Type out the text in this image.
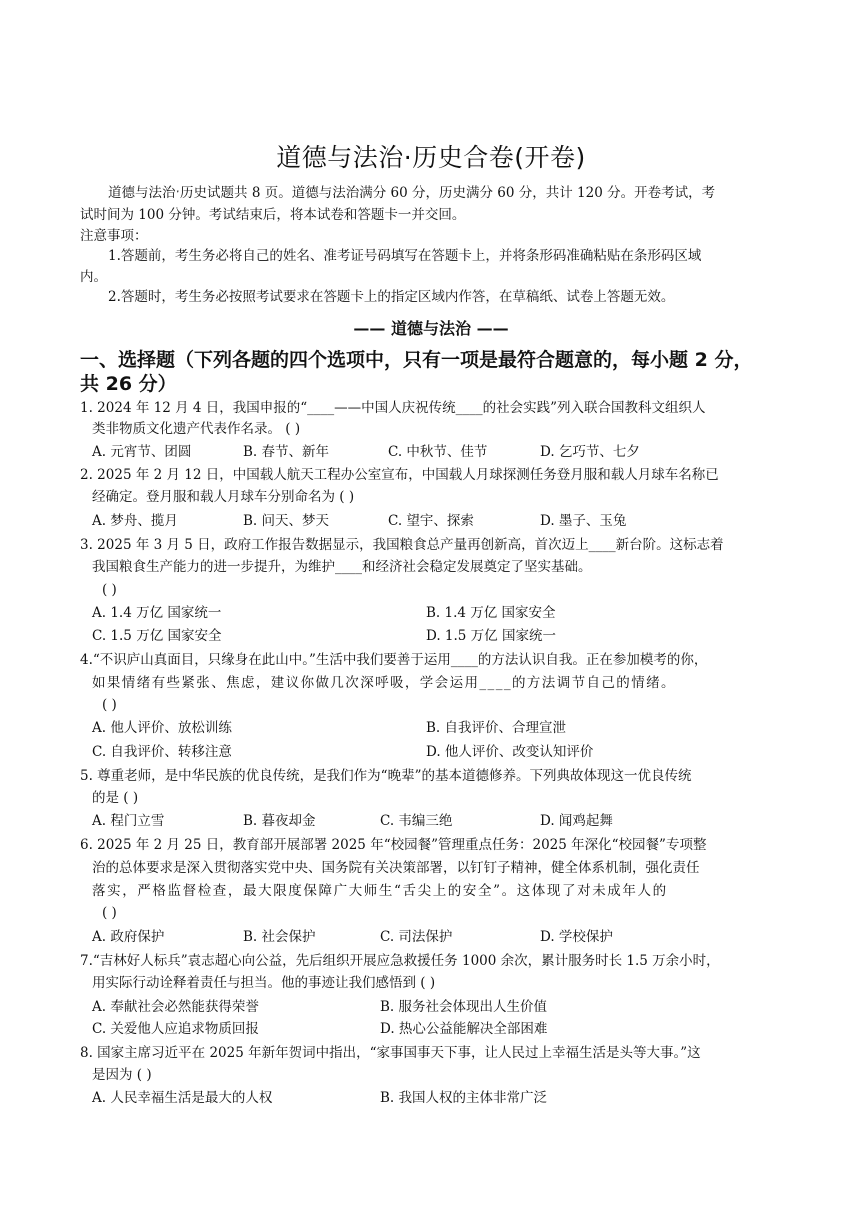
道德与法治·历史合卷(开卷)
道德与法治ˑ历史试题共 8 页。道德与法治满分 60 分，历史满分 60 分，共计 120 分。开卷考试，考
试时间为 100 分钟。考试结束后，将本试卷和答题卡一并交回。
注意事项：
1.答题前，考生务必将自己的姓名、准考证号码填写在答题卡上，并将条形码准确粘贴在条形码区域
内。
2.答题时，考生务必按照考试要求在答题卡上的指定区域内作答，在草稿纸、试卷上答题无效。
—— 道德与法治 ——
一、选择题（下列各题的四个选项中，只有一项是最符合题意的，每小题 2 分，
共 26 分）
1. 2024 年 12 月 4 日，我国申报的“____——中国人庆祝传统____的社会实践”列入联合国教科文组织人
类非物质文化遗产代表作名录。 ( )
A. 元宵节、团圆	B. 春节、新年	C. 中秋节、佳节	D. 乞巧节、七夕
2. 2025 年 2 月 12 日，中国载人航天工程办公室宣布，中国载人月球探测任务登月服和载人月球车名称已
经确定。登月服和载人月球车分别命名为 ( )
A. 梦舟、揽月	B. 问天、梦天	C. 望宇、探索	D. 墨子、玉兔
3. 2025 年 3 月 5 日，政府工作报告数据显示，我国粮食总产量再创新高，首次迈上____新台阶。这标志着
我国粮食生产能力的进一步提升，为维护____和经济社会稳定发展奠定了坚实基础。
( )
A. 1.4 万亿 国家统一	B. 1.4 万亿 国家安全
C. 1.5 万亿 国家安全	D. 1.5 万亿 国家统一
4.“不识庐山真面目，只缘身在此山中。”生活中我们要善于运用____的方法认识自我。正在参加模考的你，
如果情绪有些紧张、焦虑，建议你做几次深呼吸，学会运用____的方法调节自己的情绪。
( )
A. 他人评价、放松训练	B. 自我评价、合理宣泄
C. 自我评价、转移注意	D. 他人评价、改变认知评价
5. 尊重老师，是中华民族的优良传统，是我们作为“晚辈”的基本道德修养。下列典故体现这一优良传统
的是 ( )
A. 程门立雪	B. 暮夜却金	C. 韦编三绝	D. 闻鸡起舞
6. 2025 年 2 月 25 日，教育部开展部署 2025 年“校园餐”管理重点任务：2025 年深化“校园餐”专项整
治的总体要求是深入贯彻落实党中央、国务院有关决策部署，以钉钉子精神，健全体系机制，强化责任
落实，严格监督检查，最大限度保障广大师生“舌尖上的安全”。这体现了对未成年人的
( )
A. 政府保护	B. 社会保护	C. 司法保护	D. 学校保护
7.“吉林好人标兵”袁志超心向公益，先后组织开展应急救援任务 1000 余次，累计服务时长 1.5 万余小时，
用实际行动诠释着责任与担当。他的事迹让我们感悟到 ( )
A. 奉献社会必然能获得荣誉	B. 服务社会体现出人生价值
C. 关爱他人应追求物质回报	D. 热心公益能解决全部困难
8. 国家主席习近平在 2025 年新年贺词中指出，“家事国事天下事，让人民过上幸福生活是头等大事。”这
是因为 ( )
A. 人民幸福生活是最大的人权	B. 我国人权的主体非常广泛
